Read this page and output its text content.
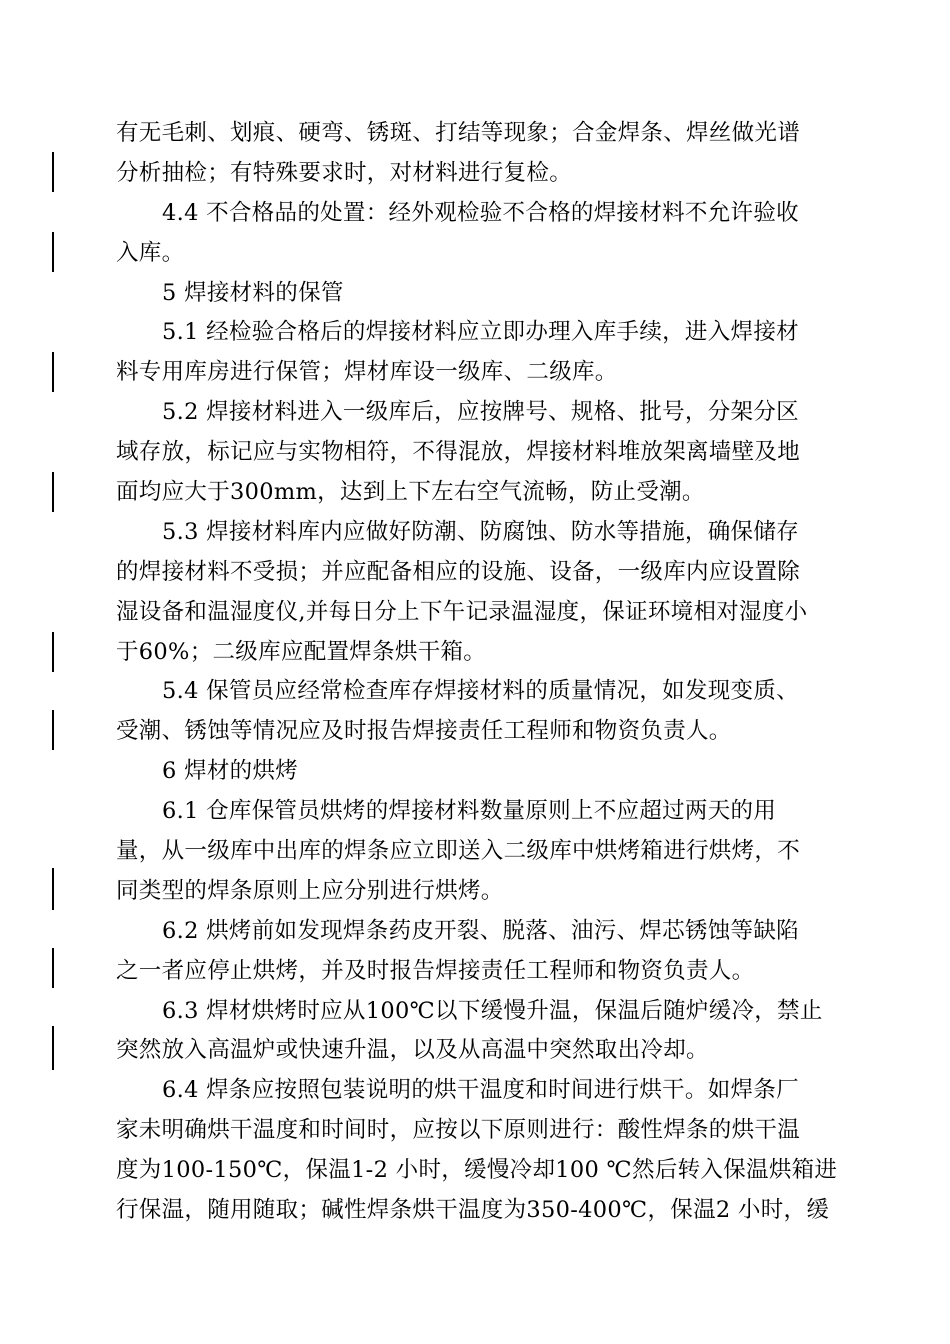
有无毛刺、划痕、硬弯、锈斑、打结等现象；合金焊条、焊丝做光谱
分析抽检；有特殊要求时，对材料进行复检。
4.4 不合格品的处置：经外观检验不合格的焊接材料不允许验收
入库。
5 焊接材料的保管
5.1 经检验合格后的焊接材料应立即办理入库手续，进入焊接材
料专用库房进行保管；焊材库设一级库、二级库。
5.2 焊接材料进入一级库后，应按牌号、规格、批号，分架分区
域存放，标记应与实物相符，不得混放，焊接材料堆放架离墙壁及地
面均应大于300mm，达到上下左右空气流畅，防止受潮。
5.3 焊接材料库内应做好防潮、防腐蚀、防水等措施，确保储存
的焊接材料不受损；并应配备相应的设施、设备，一级库内应设置除
湿设备和温湿度仪,并每日分上下午记录温湿度，保证环境相对湿度小
于60%；二级库应配置焊条烘干箱。
5.4 保管员应经常检查库存焊接材料的质量情况，如发现变质、
受潮、锈蚀等情况应及时报告焊接责任工程师和物资负责人。
6 焊材的烘烤
6.1 仓库保管员烘烤的焊接材料数量原则上不应超过两天的用
量，从一级库中出库的焊条应立即送入二级库中烘烤箱进行烘烤，不
同类型的焊条原则上应分别进行烘烤。
6.2 烘烤前如发现焊条药皮开裂、脱落、油污、焊芯锈蚀等缺陷
之一者应停止烘烤，并及时报告焊接责任工程师和物资负责人。
6.3 焊材烘烤时应从100℃以下缓慢升温，保温后随炉缓冷，禁止
突然放入高温炉或快速升温，以及从高温中突然取出冷却。
6.4 焊条应按照包装说明的烘干温度和时间进行烘干。如焊条厂
家未明确烘干温度和时间时，应按以下原则进行：酸性焊条的烘干温
度为100-150℃，保温1-2 小时，缓慢冷却100 ℃然后转入保温烘箱进
行保温，随用随取；碱性焊条烘干温度为350-400℃，保温2 小时，缓
